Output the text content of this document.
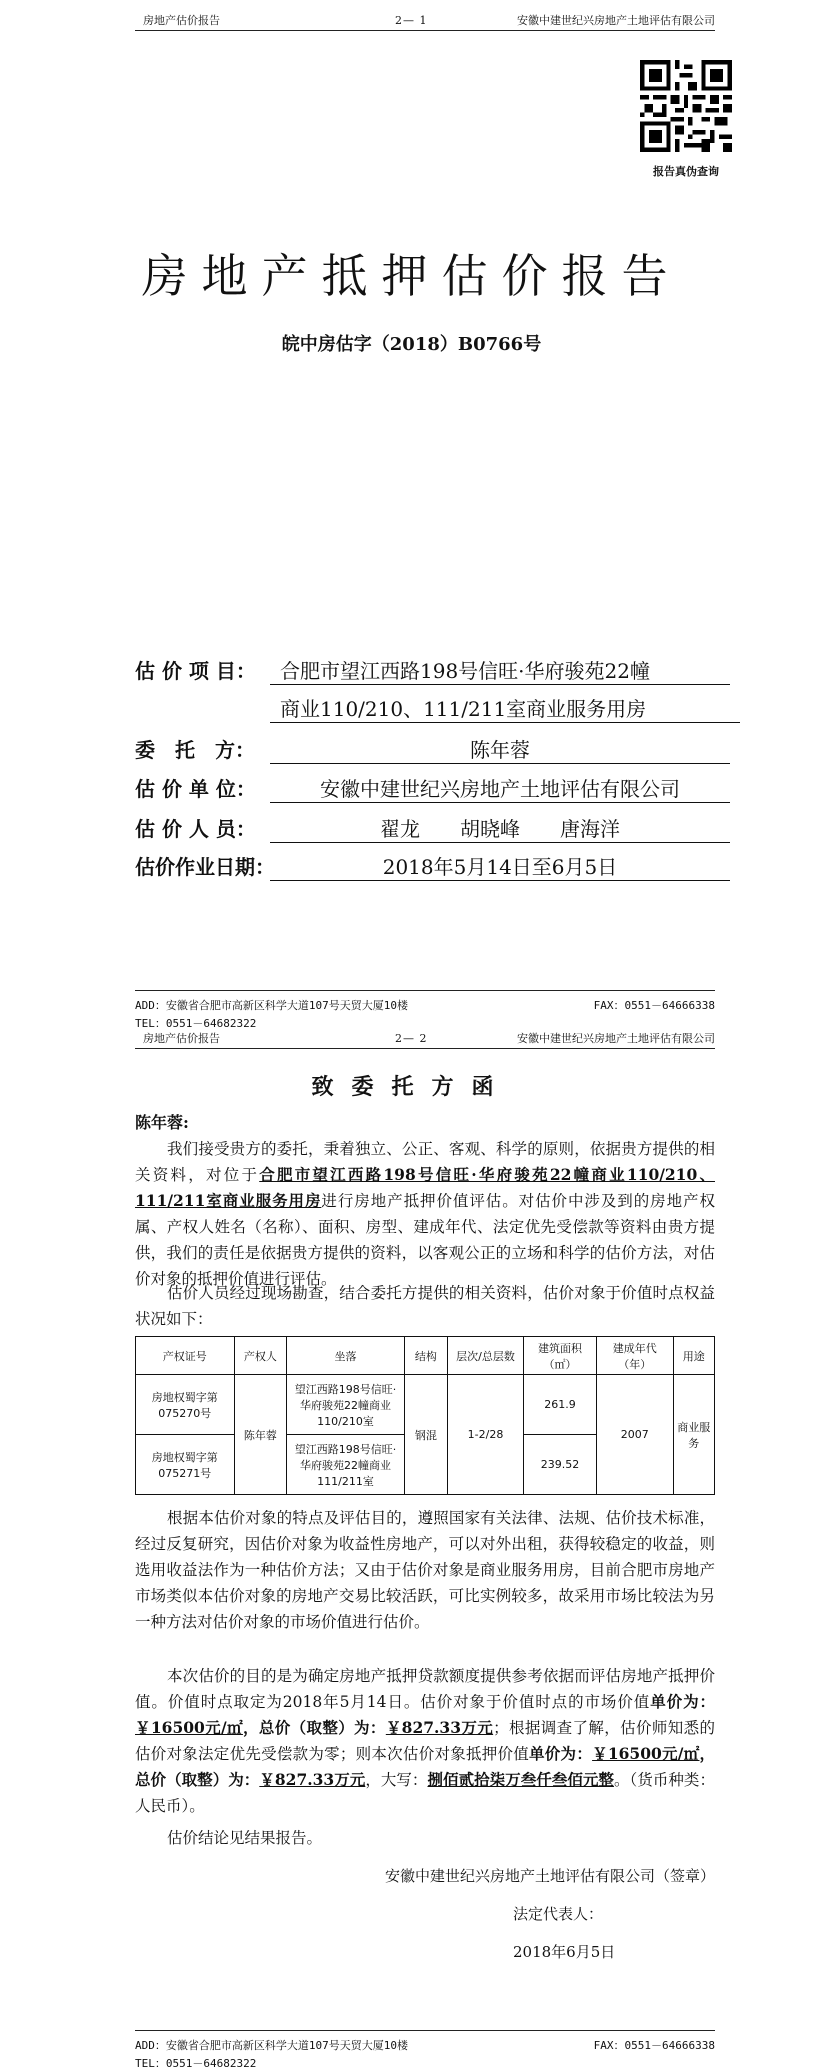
房地产估价报告	2— 1	安徽中建世纪兴房地产土地评估有限公司
报告真伪查询
房地产抵押估价报告
皖中房估字（2018）B0766号
估 价 项 目：	合肥市望江西路198号信旺·华府骏苑22幢
商业110/210、111/211室商业服务用房
委　托　方：	陈年蓉
估 价 单 位：	安徽中建世纪兴房地产土地评估有限公司
估 价 人 员：	翟龙　　胡晓峰　　唐海洋
估价作业日期：	2018年5月14日至6月5日
ADD：安徽省合肥市高新区科学大道107号天贸大厦10楼	FAX：0551－64666338
TEL：0551－64682322
房地产估价报告	2— 2	安徽中建世纪兴房地产土地评估有限公司
致委托方函
陈年蓉:
我们接受贵方的委托，秉着独立、公正、客观、科学的原则，依据贵方提供的相关资料，对位于合肥市望江西路198号信旺·华府骏苑22幢商业110/210、111/211室商业服务用房进行房地产抵押价值评估。对估价中涉及到的房地产权属、产权人姓名（名称）、面积、房型、建成年代、法定优先受偿款等资料由贵方提供，我们的责任是依据贵方提供的资料，以客观公正的立场和科学的估价方法，对估价对象的抵押价值进行评估。
估价人员经过现场勘查，结合委托方提供的相关资料，估价对象于价值时点权益状况如下：
产权证号	产权人	坐落	结构	层次/总层数	建筑面积（㎡）	建成年代（年）	用途
房地权蜀字第075270号	陈年蓉	望江西路198号信旺·华府骏苑22幢商业110/210室	钢混	1-2/28	261.9	2007	商业服务
房地权蜀字第075271号		望江西路198号信旺·华府骏苑22幢商业111/211室			239.52		
根据本估价对象的特点及评估目的，遵照国家有关法律、法规、估价技术标准，经过反复研究，因估价对象为收益性房地产，可以对外出租，获得较稳定的收益，则选用收益法作为一种估价方法；又由于估价对象是商业服务用房，目前合肥市房地产市场类似本估价对象的房地产交易比较活跃，可比实例较多，故采用市场比较法为另一种方法对估价对象的市场价值进行估价。
本次估价的目的是为确定房地产抵押贷款额度提供参考依据而评估房地产抵押价值。价值时点取定为2018年5月14日。估价对象于价值时点的市场价值单价为：￥16500元/㎡，总价（取整）为：￥827.33万元；根据调查了解，估价师知悉的估价对象法定优先受偿款为零；则本次估价对象抵押价值单价为：￥16500元/㎡，总价（取整）为：￥827.33万元，大写：捌佰贰拾柒万叁仟叁佰元整。（货币种类：人民币）。
估价结论见结果报告。
安徽中建世纪兴房地产土地评估有限公司（签章）
法定代表人：
2018年6月5日
ADD：安徽省合肥市高新区科学大道107号天贸大厦10楼	FAX：0551－64666338
TEL：0551－64682322
